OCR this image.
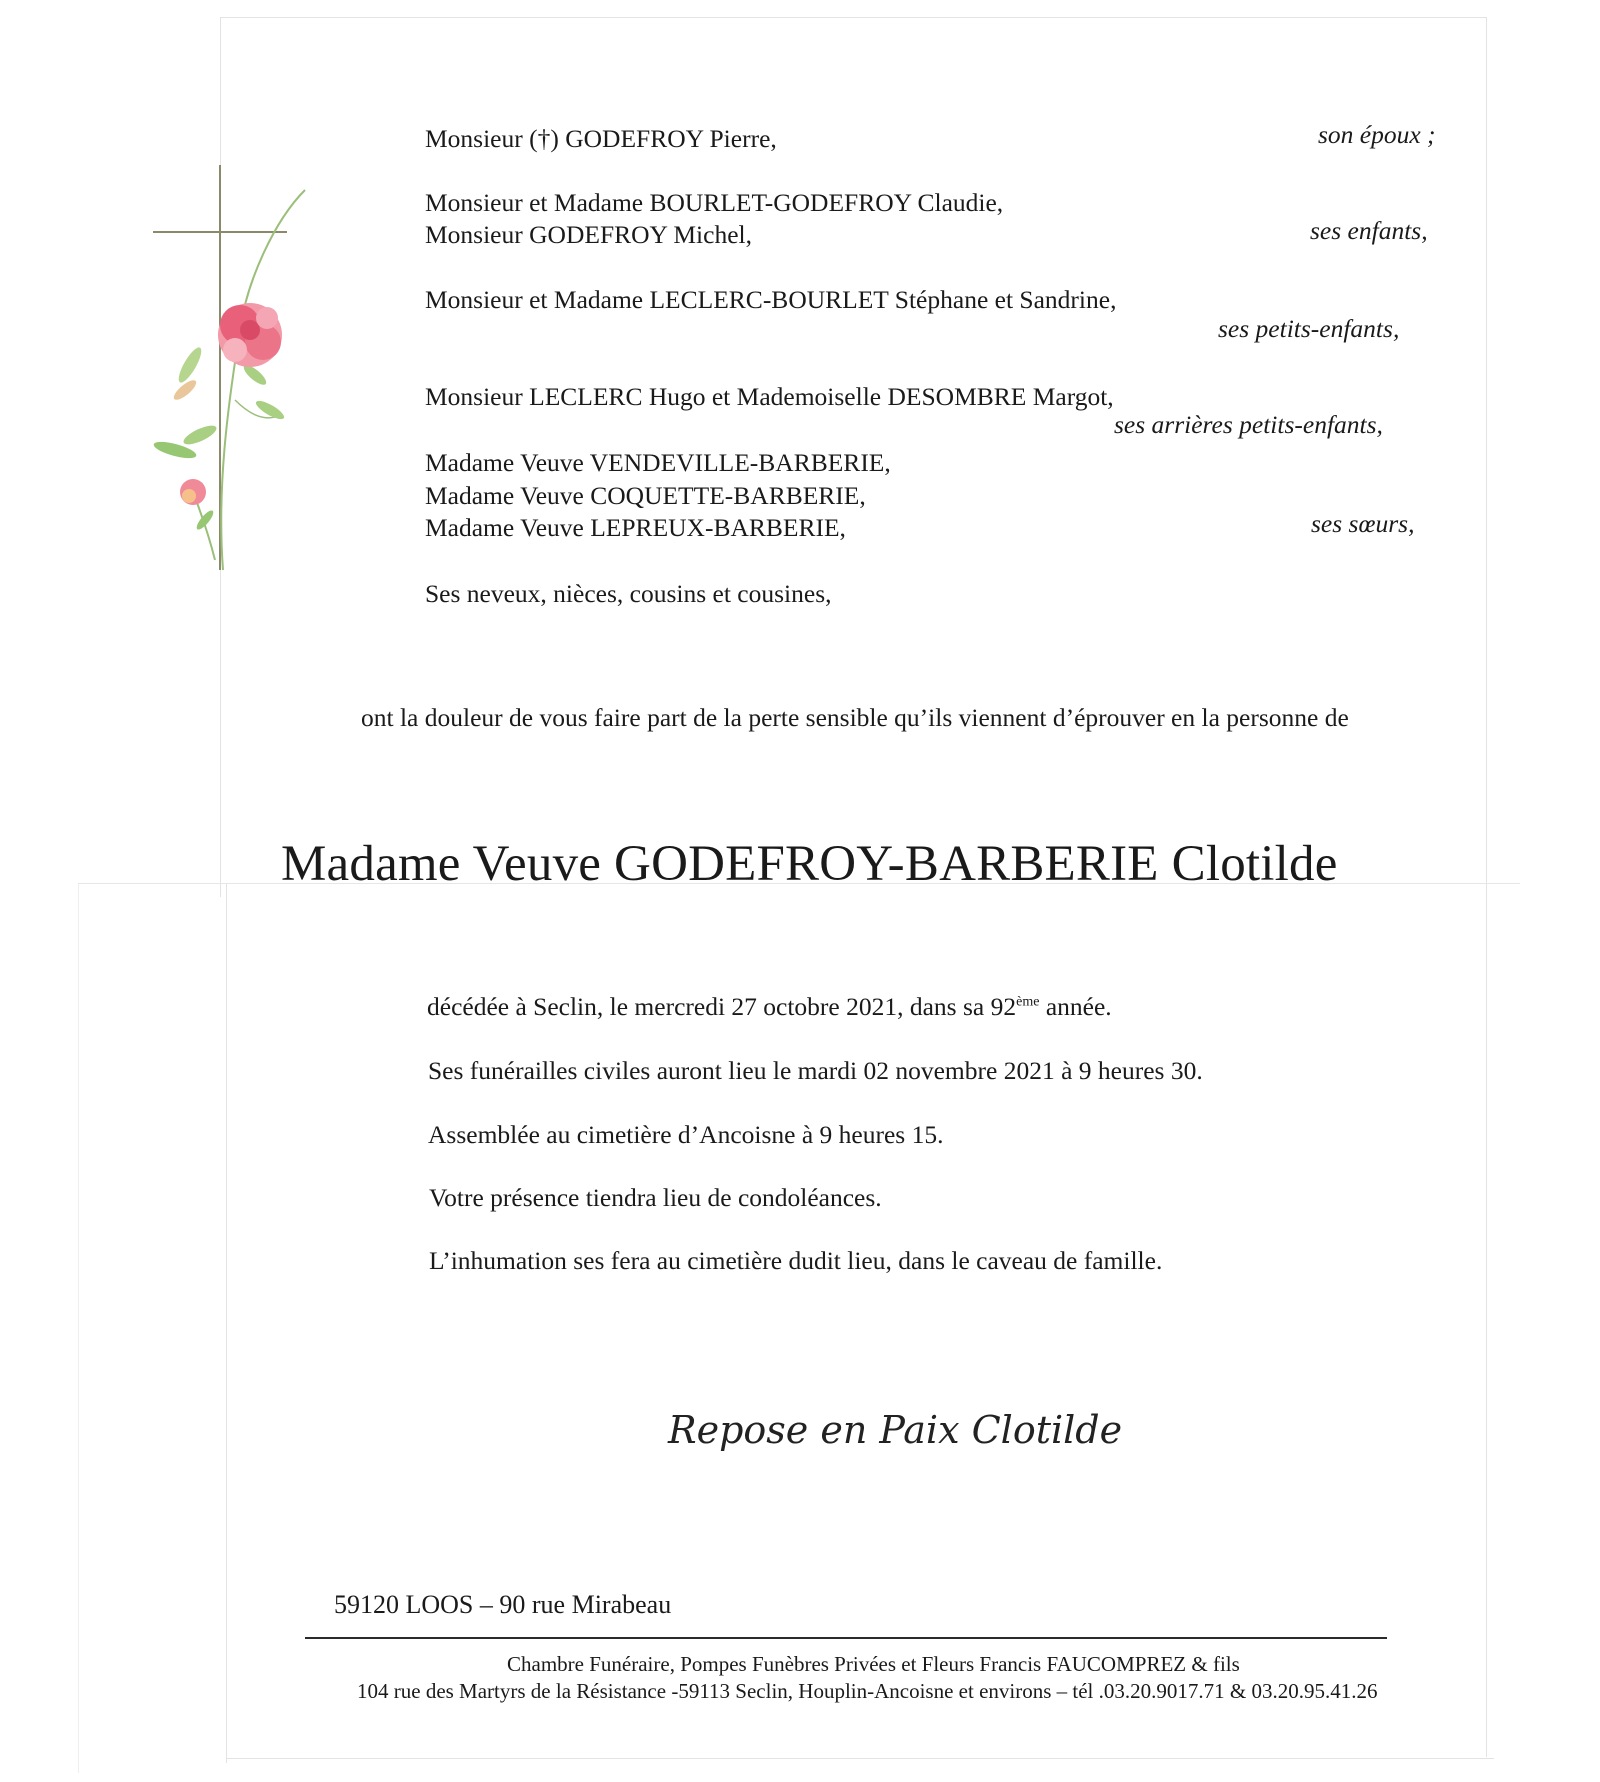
Monsieur (†) GODEFROY Pierre,	son époux ;
Monsieur et Madame BOURLET-GODEFROY Claudie,
Monsieur GODEFROY Michel,	ses enfants,
Monsieur et Madame LECLERC-BOURLET Stéphane et Sandrine,
ses petits-enfants,
Monsieur LECLERC Hugo et Mademoiselle DESOMBRE Margot,
ses arrières petits-enfants,
Madame Veuve VENDEVILLE-BARBERIE,
Madame Veuve COQUETTE-BARBERIE,
Madame Veuve LEPREUX-BARBERIE,	ses sœurs,
Ses neveux, nièces, cousins et cousines,
ont la douleur de vous faire part de la perte sensible qu’ils viennent d’éprouver en la personne de
Madame Veuve GODEFROY-BARBERIE Clotilde
décédée à Seclin, le mercredi 27 octobre 2021, dans sa 92ème année.
Ses funérailles civiles auront lieu le mardi 02 novembre 2021 à 9 heures 30.
Assemblée au cimetière d’Ancoisne à 9 heures 15.
Votre présence tiendra lieu de condoléances.
L’inhumation ses fera au cimetière dudit lieu, dans le caveau de famille.
Repose en Paix Clotilde
59120 LOOS – 90 rue Mirabeau
Chambre Funéraire, Pompes Funèbres Privées et Fleurs Francis FAUCOMPREZ & fils
104 rue des Martyrs de la Résistance -59113 Seclin, Houplin-Ancoisne et environs – tél .03.20.9017.71 & 03.20.95.41.26
